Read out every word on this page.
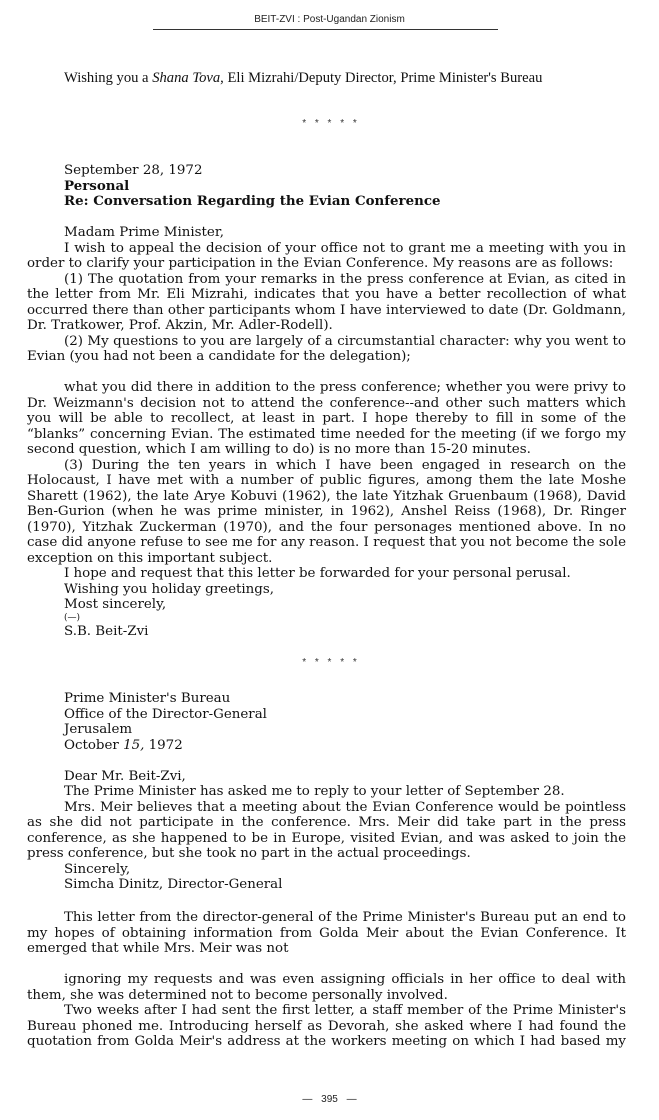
BEIT-ZVI : Post-Ugandan Zionism

Wishing you a Shana Tova, Eli Mizrahi/Deputy Director, Prime Minister's Bureau

* * * * *

September 28, 1972

Personal

Re: Conversation Regarding the Evian Conference

Madam Prime Minister,

I wish to appeal the decision of your office not to grant me a meeting with you in order to clarify your participation in the Evian Conference. My reasons are as follows:

(1) The quotation from your remarks in the press conference at Evian, as cited in the letter from Mr. Eli Mizrahi, indicates that you have a better recollection of what occurred there than other participants whom I have interviewed to date (Dr. Goldmann, Dr. Tratkower, Prof. Akzin, Mr. Adler-Rodell).

(2) My questions to you are largely of a circumstantial character: why you went to Evian (you had not been a candidate for the delegation);

what you did there in addition to the press conference; whether you were privy to Dr. Weizmann's decision not to attend the conference--and other such matters which you will be able to recollect, at least in part. I hope thereby to fill in some of the “blanks” concerning Evian. The estimated time needed for the meeting (if we forgo my second question, which I am willing to do) is no more than 15-20 minutes.

(3) During the ten years in which I have been engaged in research on the Holocaust, I have met with a number of public figures, among them the late Moshe Sharett (1962), the late Arye Kobuvi (1962), the late Yitzhak Gruenbaum (1968), David Ben-Gurion (when he was prime minister, in 1962), Anshel Reiss (1968), Dr. Ringer (1970), Yitzhak Zuckerman (1970), and the four personages mentioned above. In no case did anyone refuse to see me for any reason. I request that you not become the sole exception on this important subject.

I hope and request that this letter be forwarded for your personal perusal.

Wishing you holiday greetings,

Most sincerely,

(—)

S.B. Beit-Zvi

* * * * *

Prime Minister's Bureau

Office of the Director-General

Jerusalem

October 15, 1972

Dear Mr. Beit-Zvi,

The Prime Minister has asked me to reply to your letter of September 28.

Mrs. Meir believes that a meeting about the Evian Conference would be pointless as she did not participate in the conference. Mrs. Meir did take part in the press conference, as she happened to be in Europe, visited Evian, and was asked to join the press conference, but she took no part in the actual proceedings.

Sincerely,

Simcha Dinitz, Director-General

This letter from the director-general of the Prime Minister's Bureau put an end to my hopes of obtaining information from Golda Meir about the Evian Conference. It emerged that while Mrs. Meir was not

ignoring my requests and was even assigning officials in her office to deal with them, she was determined not to become personally involved.

Two weeks after I had sent the first letter, a staff member of the Prime Minister's Bureau phoned me. Introducing herself as Devorah, she asked where I had found the quotation from Golda Meir's address at the workers meeting on which I had based my

— 395 —
